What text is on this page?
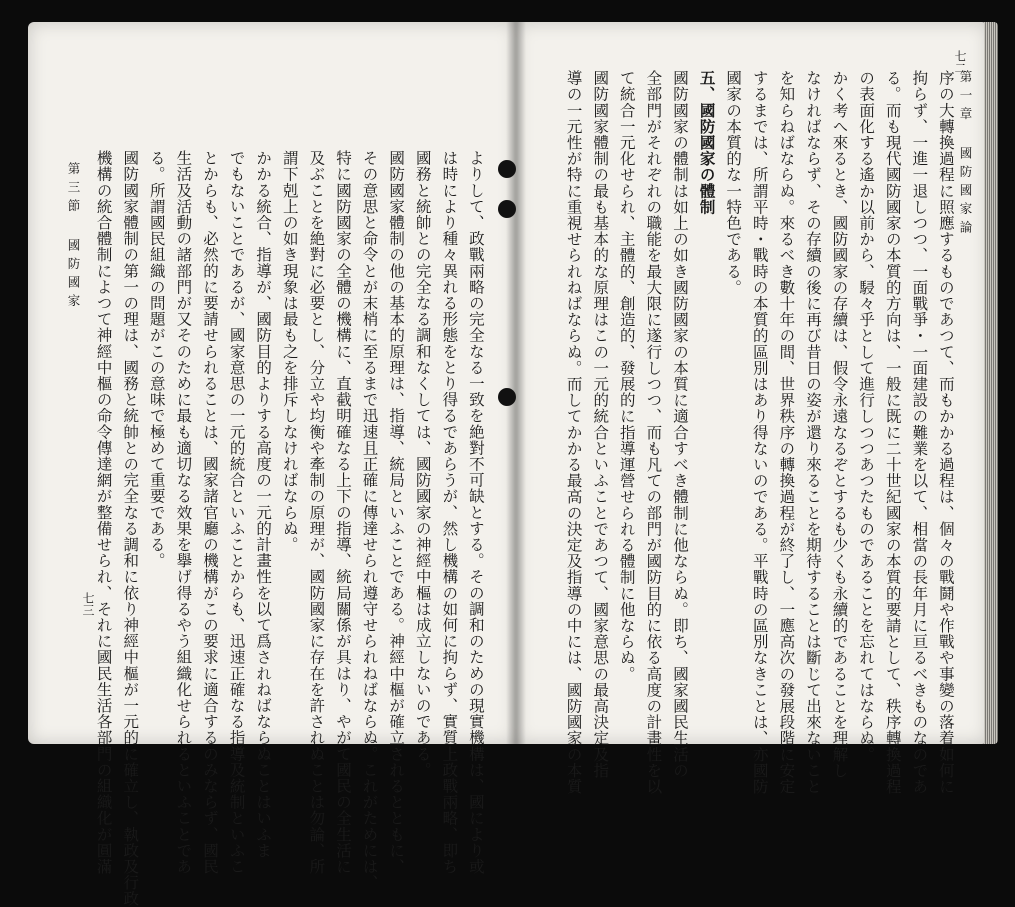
よりして、政戰兩略の完全なる一致を絶對不可缺とする。その調和のための現實機構は、國により或
は時により種々異れる形態をとり得るであらうが、然し機構の如何に拘らず、實質上政戰兩略、即ち
國務と統帥との完全なる調和なくしては、國防國家の神經中樞は成立しないのである。
國防國家體制の他の基本的原理は、指導、統局といふことである。神經中樞が確立されるとともに、
その意思と命令とが末梢に至るまで迅速且正確に傳達せられ遵守せられねばならぬ。これがためには、
特に國防國家の全體の機構に、直截明確なる上下の指導、統局關係が具はり、やがて國民の全生活に
及ぶことを絶對に必要とし、分立や均衡や牽制の原理が、國防國家に存在を許されぬことは勿論、所
謂下剋上の如き現象は最も之を排斥しなければならぬ。
かかる統合、指導が、國防目的よりする高度の一元的計畫性を以て爲されねばならぬことはいふま
でもないことであるが、國家意思の一元的統合といふことからも、迅速正確なる指導及統制といふこ
とからも、必然的に要請せられることは、國家諸官廳の機構がこの要求に適合するのみならず、國民
生活及活動の諸部門が又そのために最も適切なる效果を擧げ得るやう組織化せられるといふことであ
る。所謂國民組織の問題がこの意味で極めて重要である。
國防國家體制の第一の理は、國務と統帥との完全なる調和に依り神經中樞が一元的に確立し、執政及行政
機構の統合體制によつて神經中樞の命令傳達網が整備せられ、それに國民生活各部門の組織化が圓滿
第三節 國防國家
七三	序の大轉換過程に照應するものであつて、而もかかる過程は、個々の戰鬪や作戰や事變の落着如何に
拘らず、一進一退しつつ、一面戰爭・一面建設の難業を以て、相當の長年月に亘るべきものなのであ
る。而も現代國防國家の本質的方向は、一般に既に二十世紀國家の本質的要請として、秩序轉換過程
の表面化する遙か以前から、駸々乎として進行しつつあつたものであることを忘れてはならぬ。
かく考へ來るとき、國防國家の存續は、假令永遠なるぞとするも少くも永續的であることを理解し
なければならず、その存續の後に再び昔日の姿が還り來ることを期待することは斷じて出來ないこと
を知らねばならぬ。來るべき數十年の間、世界秩序の轉換過程が終了し、一應高次の發展段階に安定
するまでは、所謂平時・戰時の本質的區別はあり得ないのである。平戰時の區別なきことは、亦國防
國家の本質的な一特色である。
五、國防國家の體制
國防國家の體制は如上の如き國防國家の本質に適合すべき體制に他ならぬ。即ち、國家國民生活の
全部門がそれぞれの職能を最大限に遂行しつつ、而も凡ての部門が國防目的に依る高度の計畫性を以
て統合一元化せられ、主體的、創造的、發展的に指導運營せられる體制に他ならぬ。
國防國家體制の最も基本的な原理はこの一元的統合といふことであつて、國家意思の最高決定及指
導の一元性が特に重視せられねばならぬ。而してかかる最高の決定及指導の中には、國防國家の本質	第一章 國防國家論
七二
